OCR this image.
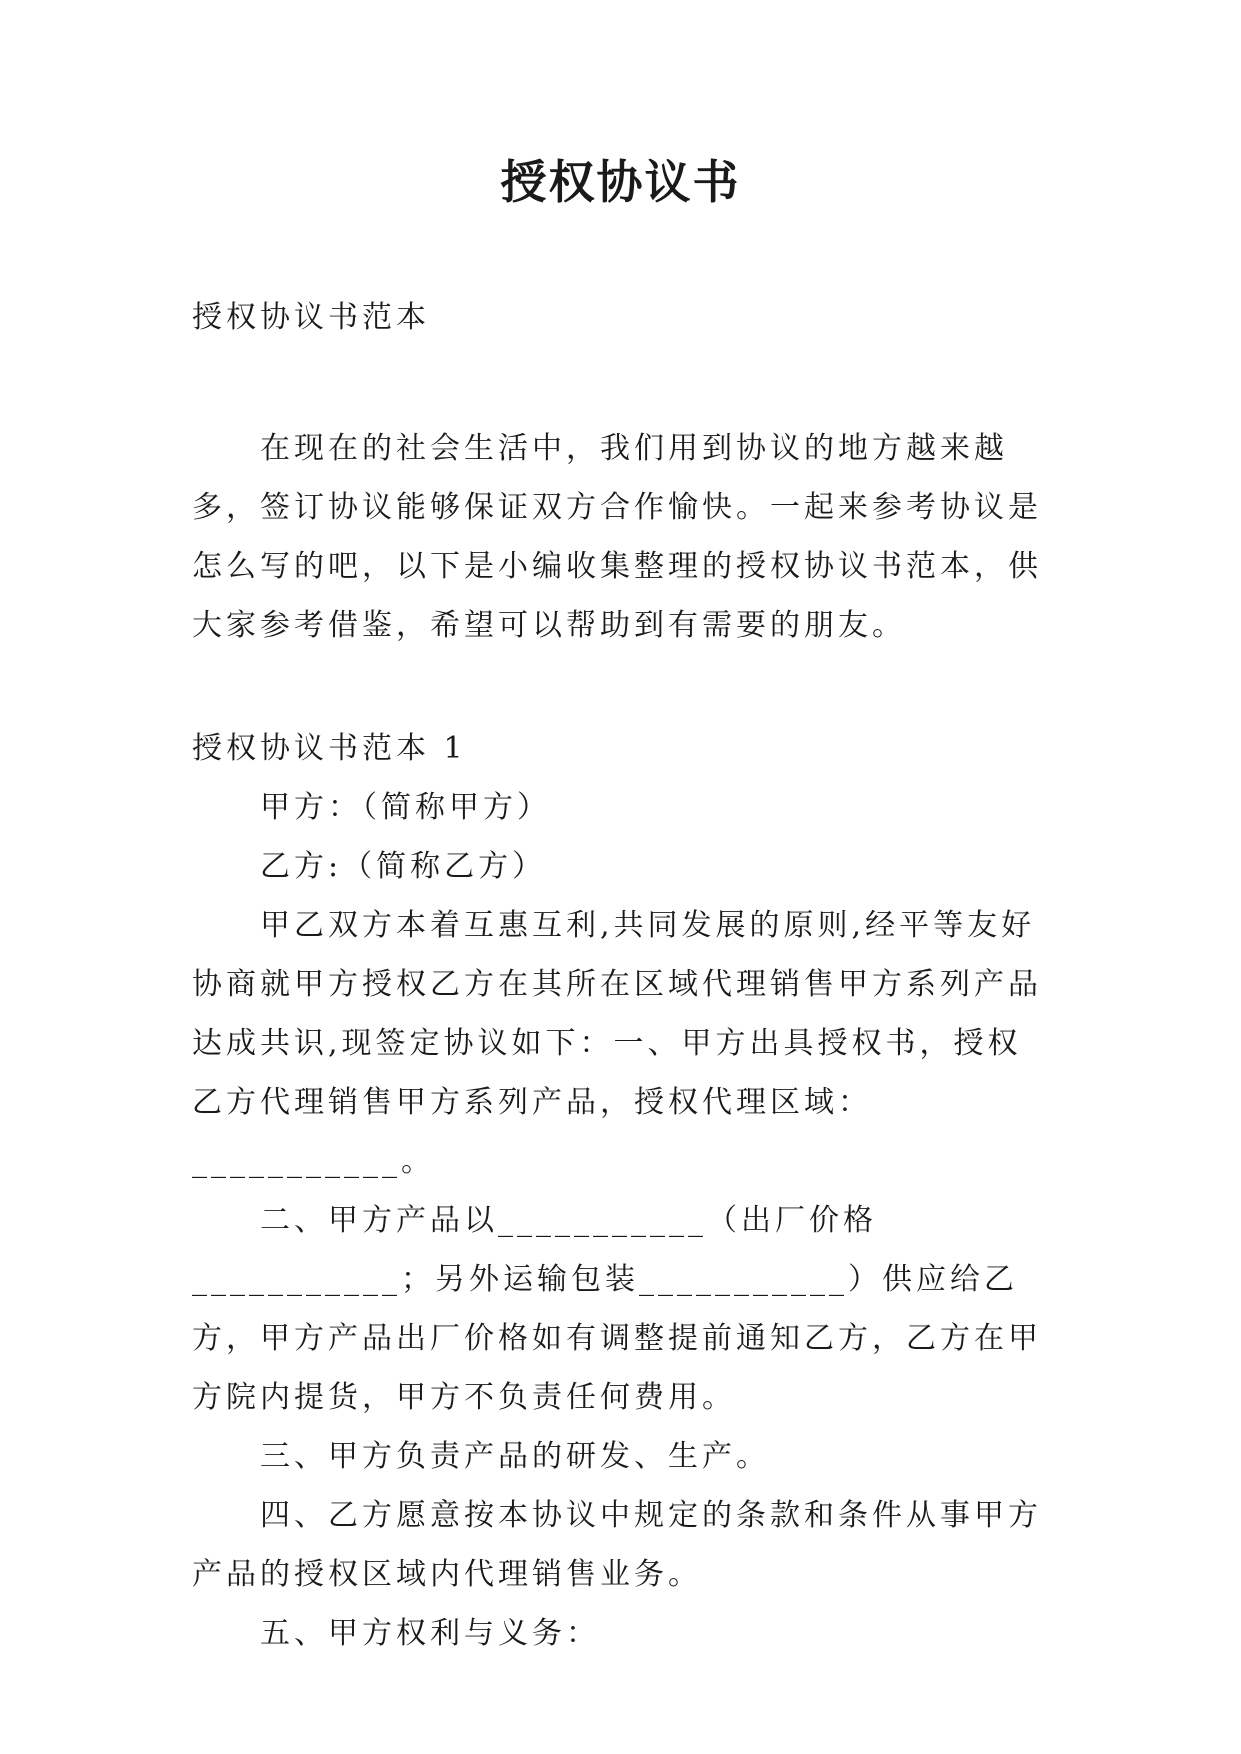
授权协议书

授权协议书范本

在现在的社会生活中，我们用到协议的地方越来越多，签订协议能够保证双方合作愉快。一起来参考协议是怎么写的吧，以下是小编收集整理的授权协议书范本，供大家参考借鉴，希望可以帮助到有需要的朋友。

授权协议书范本 1

甲方：（简称甲方）

乙方:（简称乙方）

甲乙双方本着互惠互利,共同发展的原则,经平等友好协商就甲方授权乙方在其所在区域代理销售甲方系列产品达成共识,现签定协议如下：一、甲方出具授权书，授权乙方代理销售甲方系列产品，授权代理区域：___________。

二、甲方产品以___________（出厂价格___________；另外运输包装___________）供应给乙方，甲方产品出厂价格如有调整提前通知乙方，乙方在甲方院内提货，甲方不负责任何费用。

三、甲方负责产品的研发、生产。

四、乙方愿意按本协议中规定的条款和条件从事甲方产品的授权区域内代理销售业务。

五、甲方权利与义务：
